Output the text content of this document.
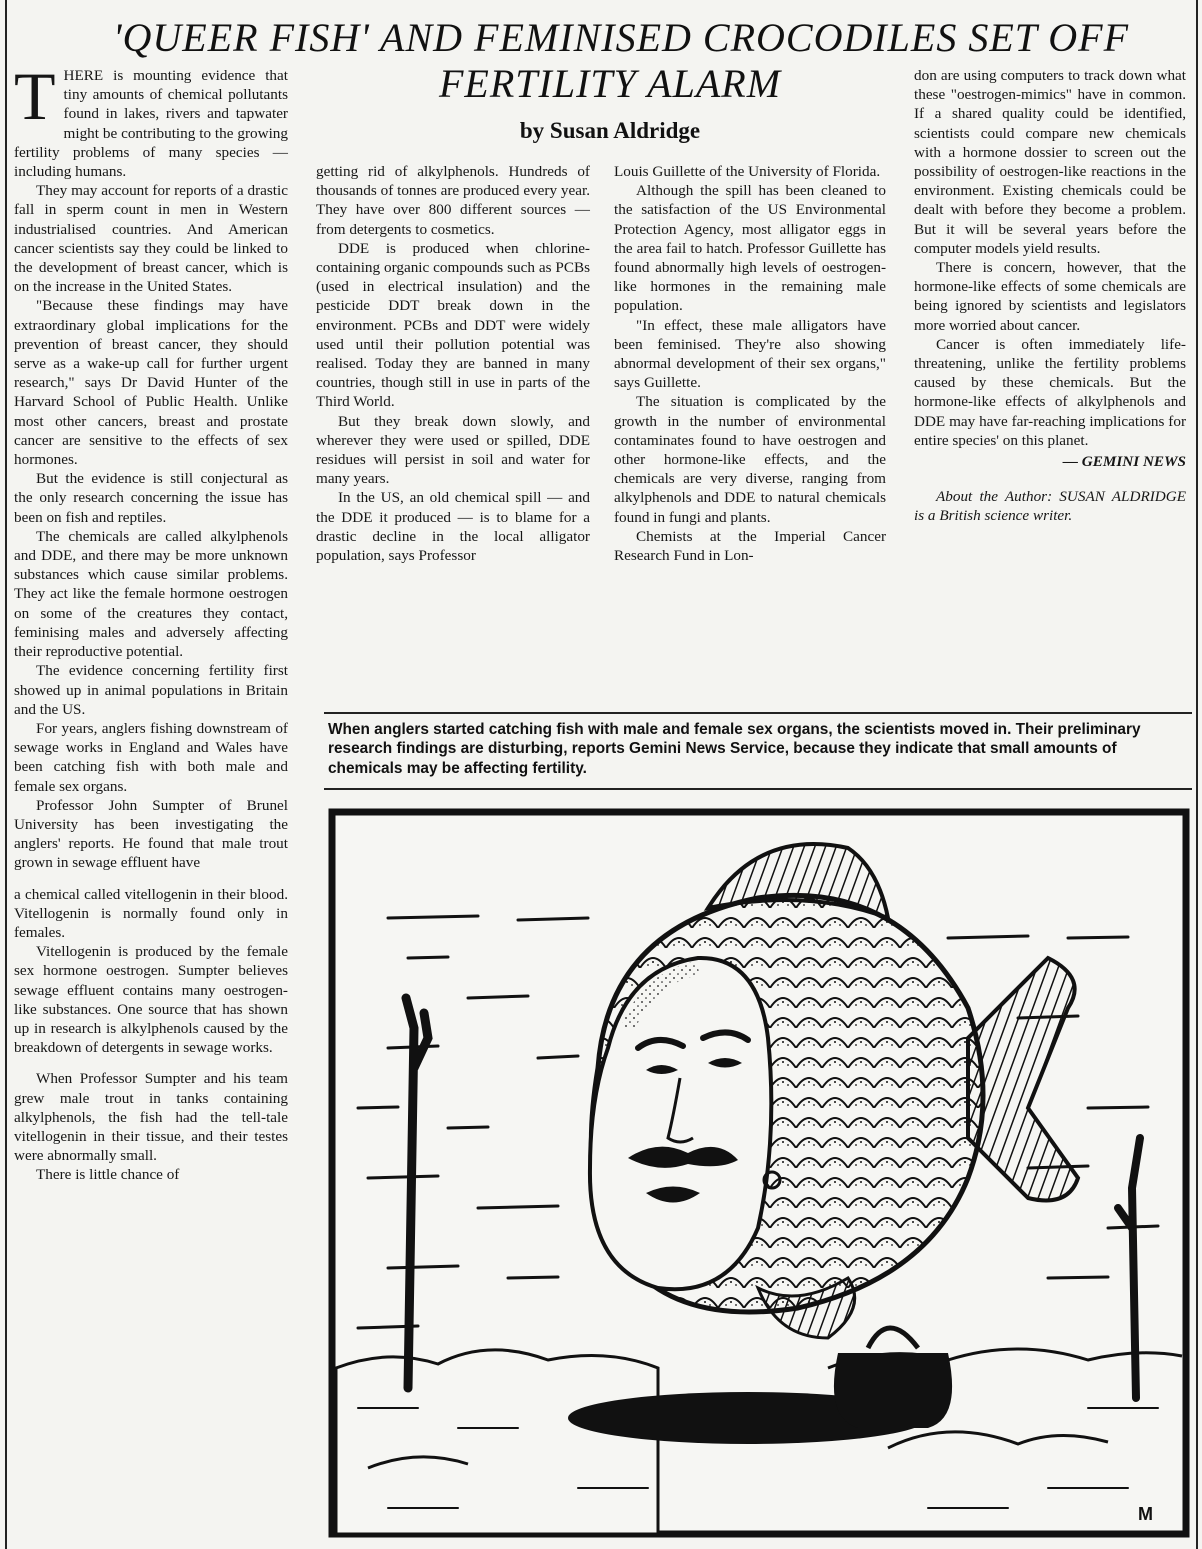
'QUEER FISH' AND FEMINISED CROCODILES SET OFF
FERTILITY ALARM
by Susan Aldridge

THERE is mounting evidence that tiny amounts of chemical pollutants found in lakes, rivers and tapwater might be contributing to the growing fertility problems of many species — including humans.

They may account for reports of a drastic fall in sperm count in men in Western industrialised countries. And American cancer scientists say they could be linked to the development of breast cancer, which is on the increase in the United States.

"Because these findings may have extraordinary global implications for the prevention of breast cancer, they should serve as a wake-up call for further urgent research," says Dr David Hunter of the Harvard School of Public Health. Unlike most other cancers, breast and prostate cancer are sensitive to the effects of sex hormones.

But the evidence is still conjectural as the only research concerning the issue has been on fish and reptiles.

The chemicals are called alkylphenols and DDE, and there may be more unknown substances which cause similar problems. They act like the female hormone oestrogen on some of the creatures they contact, feminising males and adversely affecting their reproductive potential.

The evidence concerning fertility first showed up in animal populations in Britain and the US.

For years, anglers fishing downstream of sewage works in England and Wales have been catching fish with both male and female sex organs.

Professor John Sumpter of Brunel University has been investigating the anglers' reports. He found that male trout grown in sewage effluent have

a chemical called vitellogenin in their blood. Vitellogenin is normally found only in females.

Vitellogenin is produced by the female sex hormone oestrogen. Sumpter believes sewage effluent contains many oestrogen-like substances. One source that has shown up in research is alkylphenols caused by the breakdown of detergents in sewage works.

When Professor Sumpter and his team grew male trout in tanks containing alkylphenols, the fish had the tell-tale vitellogenin in their tissue, and their testes were abnormally small.

There is little chance of

getting rid of alkylphenols. Hundreds of thousands of tonnes are produced every year. They have over 800 different sources — from detergents to cosmetics.

DDE is produced when chlorine-containing organic compounds such as PCBs (used in electrical insulation) and the pesticide DDT break down in the environment. PCBs and DDT were widely used until their pollution potential was realised. Today they are banned in many countries, though still in use in parts of the Third World.

But they break down slowly, and wherever they were used or spilled, DDE residues will persist in soil and water for many years.

In the US, an old chemical spill — and the DDE it produced — is to blame for a drastic decline in the local alligator population, says Professor

Louis Guillette of the University of Florida.

Although the spill has been cleaned to the satisfaction of the US Environmental Protection Agency, most alligator eggs in the area fail to hatch. Professor Guillette has found abnormally high levels of oestrogen-like hormones in the remaining male population.

"In effect, these male alligators have been feminised. They're also showing abnormal development of their sex organs," says Guillette.

The situation is complicated by the growth in the number of environmental contaminates found to have oestrogen and other hormone-like effects, and the chemicals are very diverse, ranging from alkylphenols and DDE to natural chemicals found in fungi and plants.

Chemists at the Imperial Cancer Research Fund in Lon-

don are using computers to track down what these "oestrogen-mimics" have in common. If a shared quality could be identified, scientists could compare new chemicals with a hormone dossier to screen out the possibility of oestrogen-like reactions in the environment. Existing chemicals could be dealt with before they become a problem. But it will be several years before the computer models yield results.

There is concern, however, that the hormone-like effects of some chemicals are being ignored by scientists and legislators more worried about cancer.

Cancer is often immediately life-threatening, unlike the fertility problems caused by these chemicals. But the hormone-like effects of alkylphenols and DDE may have far-reaching implications for entire species' on this planet.

— GEMINI NEWS

About the Author: SUSAN ALDRIDGE is a British science writer.

When anglers started catching fish with male and female sex organs, the scientists moved in. Their preliminary research findings are disturbing, reports Gemini News Service, because they indicate that small amounts of chemicals may be affecting fertility.
M
